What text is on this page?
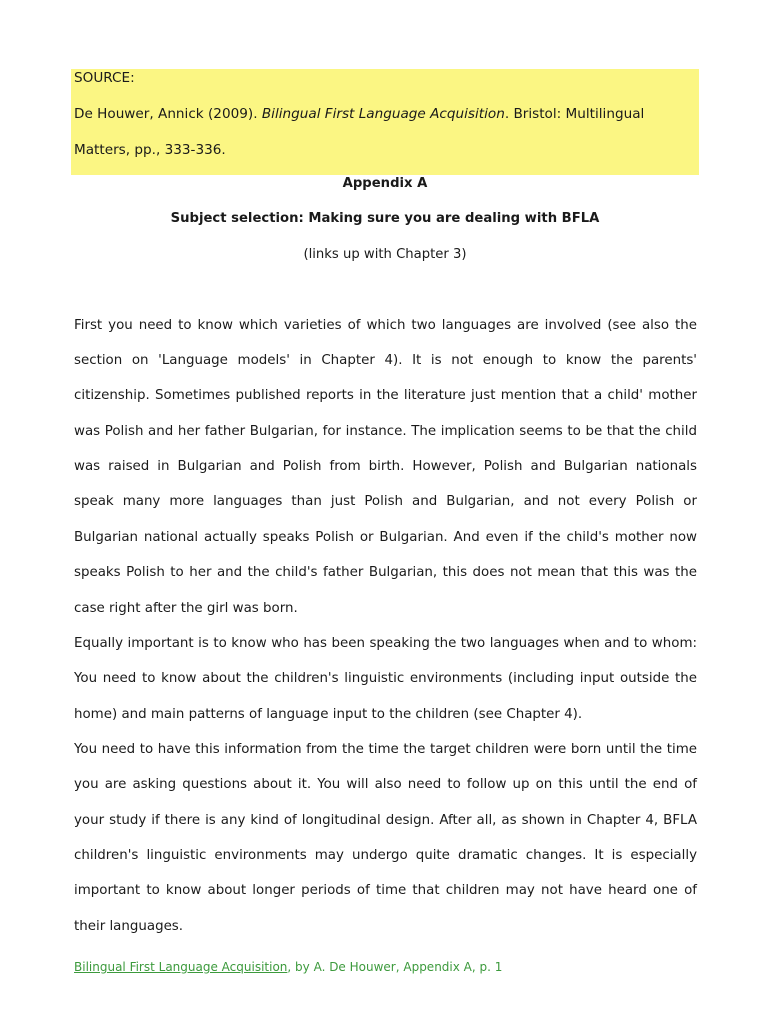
SOURCE:
De Houwer, Annick (2009). Bilingual First Language Acquisition. Bristol: Multilingual
Matters, pp., 333-336.
Appendix A
Subject selection: Making sure you are dealing with BFLA
(links up with Chapter 3)
First you need to know which varieties of which two languages are involved (see also the
section on 'Language models' in Chapter 4). It is not enough to know the parents'
citizenship. Sometimes published reports in the literature just mention that a child' mother
was Polish and her father Bulgarian, for instance. The implication seems to be that the child
was raised in Bulgarian and Polish from birth. However, Polish and Bulgarian nationals
speak many more languages than just Polish and Bulgarian, and not every Polish or
Bulgarian national actually speaks Polish or Bulgarian. And even if the child's mother now
speaks Polish to her and the child's father Bulgarian, this does not mean that this was the
case right after the girl was born.
Equally important is to know who has been speaking the two languages when and to whom:
You need to know about the children's linguistic environments (including input outside the
home) and main patterns of language input to the children (see Chapter 4).
You need to have this information from the time the target children were born until the time
you are asking questions about it. You will also need to follow up on this until the end of
your study if there is any kind of longitudinal design. After all, as shown in Chapter 4, BFLA
children's linguistic environments may undergo quite dramatic changes. It is especially
important to know about longer periods of time that children may not have heard one of
their languages.
Bilingual First Language Acquisition, by A. De Houwer, Appendix A, p. 1
